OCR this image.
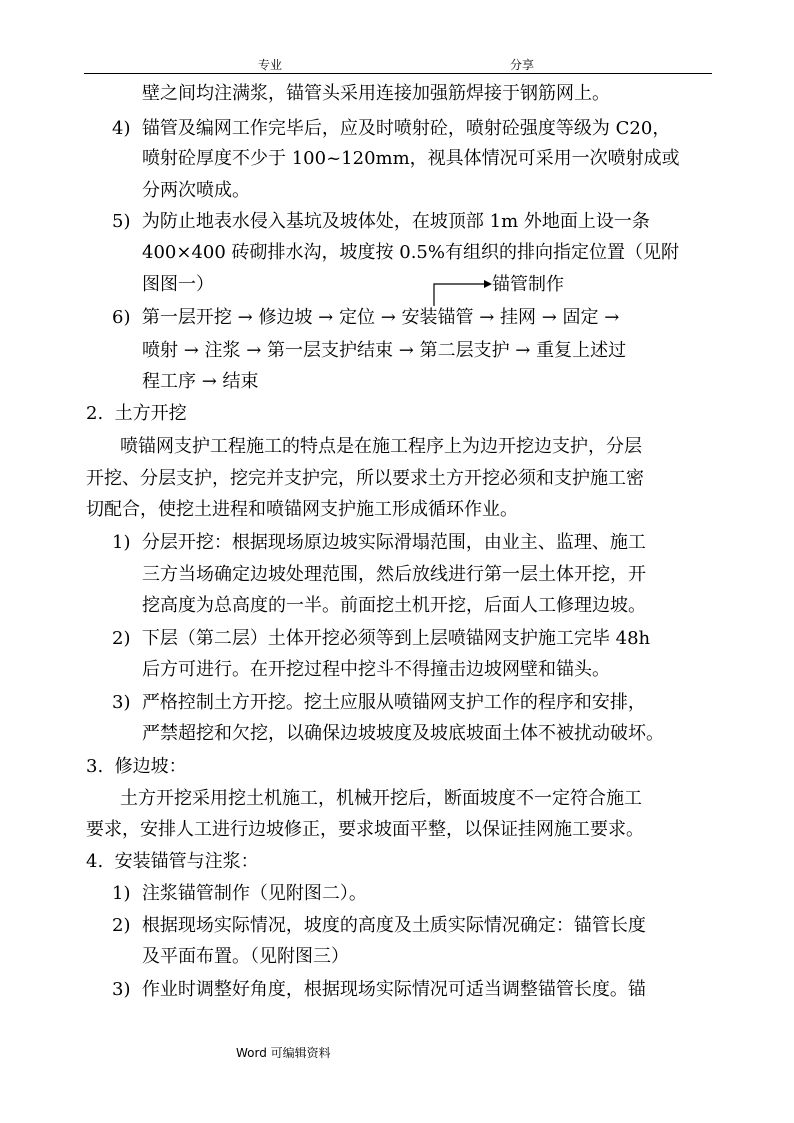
专业	分享
壁之间均注满浆，锚管头采用连接加强筋焊接于钢筋网上。
4)  锚管及编网工作完毕后，应及时喷射砼，喷射砼强度等级为 C20，
喷射砼厚度不少于 100~120mm，视具体情况可采用一次喷射成或
分两次喷成。
5)  为防止地表水侵入基坑及坡体处，在坡顶部 1m 外地面上设一条
400×400 砖砌排水沟，坡度按 0.5%有组织的排向指定位置（见附
图图一）	锚管制作
6)  第一层开挖 → 修边坡 → 定位 → 安装锚管 → 挂网 → 固定 →
喷射 → 注浆 → 第一层支护结束 → 第二层支护 → 重复上述过
程工序 → 结束
2.  土方开挖
喷锚网支护工程施工的特点是在施工程序上为边开挖边支护，分层
开挖、分层支护，挖完并支护完，所以要求土方开挖必须和支护施工密
切配合，使挖土进程和喷锚网支护施工形成循环作业。
1)  分层开挖：根据现场原边坡实际滑塌范围，由业主、监理、施工
三方当场确定边坡处理范围，然后放线进行第一层土体开挖，开
挖高度为总高度的一半。前面挖土机开挖，后面人工修理边坡。
2)  下层（第二层）土体开挖必须等到上层喷锚网支护施工完毕 48h
后方可进行。在开挖过程中挖斗不得撞击边坡网壁和锚头。
3)  严格控制土方开挖。挖土应服从喷锚网支护工作的程序和安排，
严禁超挖和欠挖，以确保边坡坡度及坡底坡面土体不被扰动破坏。
3.  修边坡：
土方开挖采用挖土机施工，机械开挖后，断面坡度不一定符合施工
要求，安排人工进行边坡修正，要求坡面平整，以保证挂网施工要求。
4.  安装锚管与注浆：
1)  注浆锚管制作（见附图二）。
2)  根据现场实际情况，坡度的高度及土质实际情况确定：锚管长度
及平面布置。（见附图三）
3)  作业时调整好角度，根据现场实际情况可适当调整锚管长度。锚
Word 可编辑资料
